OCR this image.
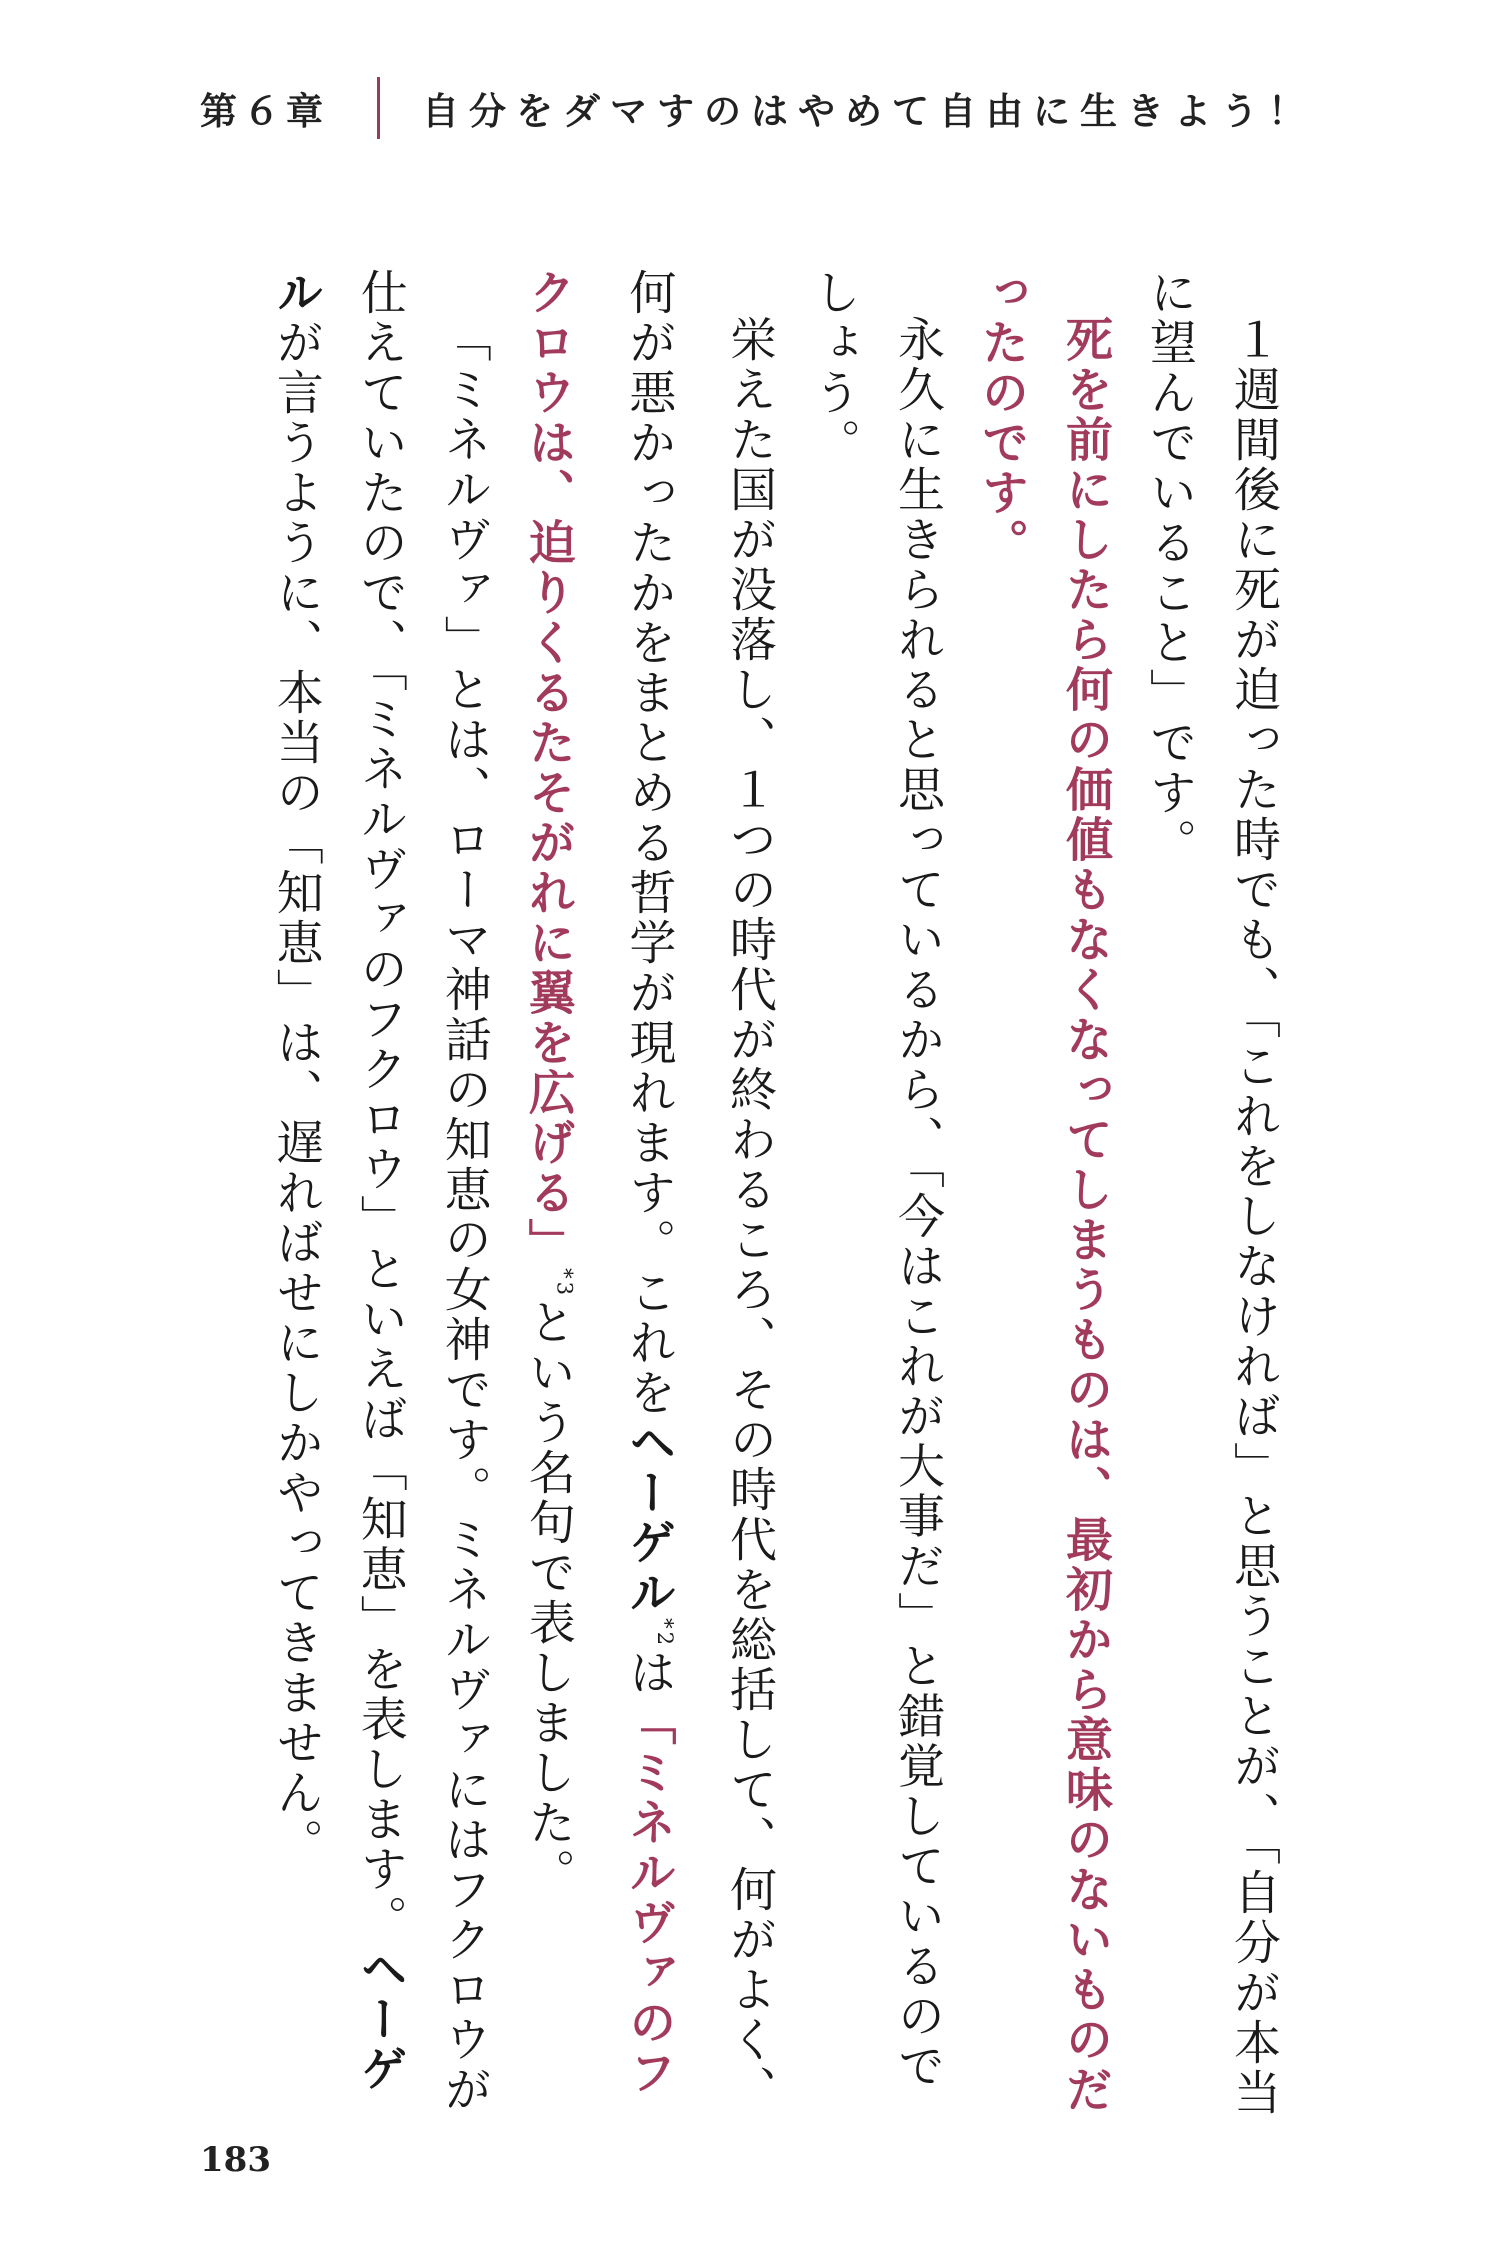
第６章	自分をダマすのはやめて自由に生きよう！

１週間後に死が迫った時でも、「これをしなければ」と思うことが、「自分が本当に望んでいること」です。

死を前にしたら何の価値もなくなってしまうものは、最初から意味のないものだったのです。

永久に生きられると思っているから、「今はこれが大事だ」と錯覚しているのでしょう。

栄えた国が没落し、１つの時代が終わるころ、その時代を総括して、何がよく、何が悪かったかをまとめる哲学が現れます。これをヘーゲル$^{*2}$は「ミネルヴァのフクロウは、迫りくるたそがれに翼を広げる」$^{*3}$という名句で表しました。

「ミネルヴァ」とは、ローマ神話の知恵の女神です。ミネルヴァにはフクロウが仕えていたので、「ミネルヴァのフクロウ」といえば「知恵」を表します。ヘーゲルが言うように、本当の「知恵」は、遅ればせにしかやってきません。

183
